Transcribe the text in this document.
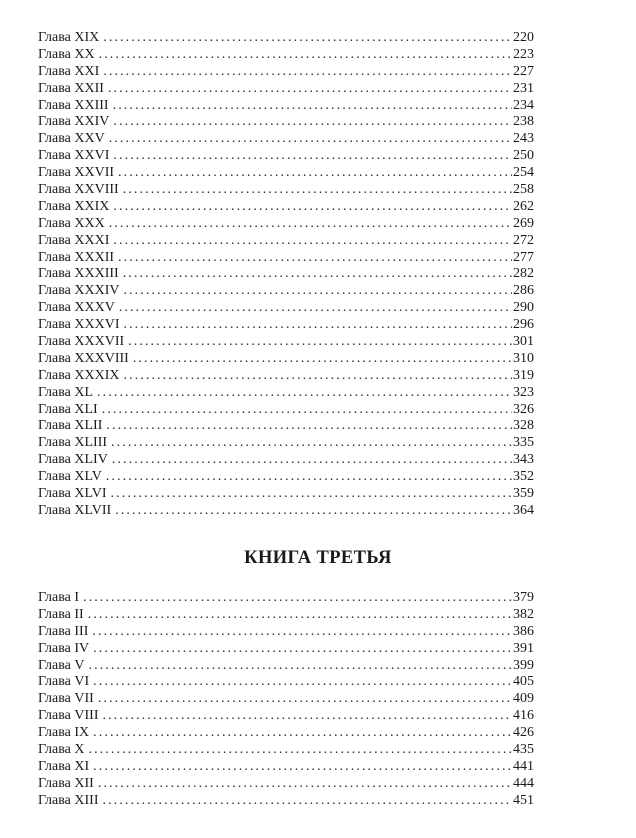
Глава XIX .....	220
Глава XX .....	223
Глава XXI .....	227
Глава XXII .....	231
Глава XXIII .....	234
Глава XXIV .....	238
Глава XXV .....	243
Глава XXVI .....	250
Глава XXVII .....	254
Глава XXVIII .....	258
Глава XXIX .....	262
Глава XXX .....	269
Глава XXXI .....	272
Глава XXXII .....	277
Глава XXXIII .....	282
Глава XXXIV .....	286
Глава XXXV .....	290
Глава XXXVI .....	296
Глава XXXVII .....	301
Глава XXXVIII .....	310
Глава XXXIX .....	319
Глава XL .....	323
Глава XLI .....	326
Глава XLII .....	328
Глава XLIII .....	335
Глава XLIV .....	343
Глава XLV .....	352
Глава XLVI .....	359
Глава XLVII .....	364
КНИГА ТРЕТЬЯ
Глава I .....	379
Глава II .....	382
Глава III .....	386
Глава IV .....	391
Глава V .....	399
Глава VI .....	405
Глава VII .....	409
Глава VIII .....	416
Глава IX .....	426
Глава X .....	435
Глава XI .....	441
Глава XII .....	444
Глава XIII .....	451
